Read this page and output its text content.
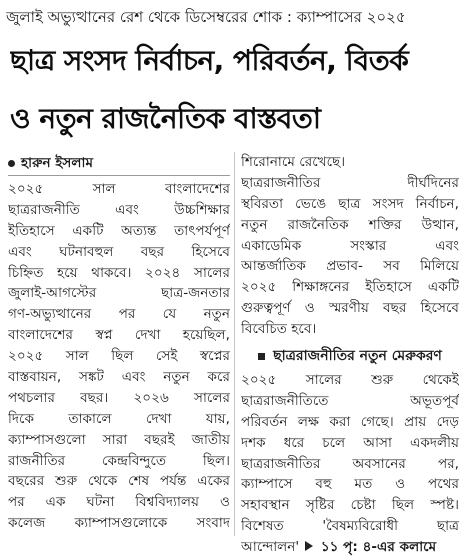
জুলাই অভ্যুত্থানের রেশ থেকে ডিসেম্বরের শোক : ক্যাম্পাসের ২০২৫
ছাত্র সংসদ নির্বাচন, পরিবর্তন, বিতর্ক
ও নতুন রাজনৈতিক বাস্তবতা
হারুন ইসলাম
২০২৫ সাল বাংলাদেশের
ছাত্ররাজনীতি এবং উচ্চশিক্ষার
ইতিহাসে একটি অত্যন্ত তাৎপর্যপূর্ণ
এবং ঘটনাবহুল বছর হিসেবে
চিহ্নিত হয়ে থাকবে। ২০২৪ সালের
জুলাই-আগস্টের ছাত্র-জনতার
গণ-অভ্যুত্থানের পর যে নতুন
বাংলাদেশের স্বপ্ন দেখা হয়েছিল,
২০২৫ সাল ছিল সেই স্বপ্নের
বাস্তবায়ন, সঙ্কট এবং নতুন করে
পথচলার বছর। ২০২৬ সালের
দিকে তাকালে দেখা যায়,
ক্যাম্পাসগুলো সারা বছরই জাতীয়
রাজনীতির কেন্দ্রবিন্দুতে ছিল।
বছরের শুরু থেকে শেষ পর্যন্ত একের
পর এক ঘটনা বিশ্ববিদ্যালয় ও
কলেজ ক্যাম্পাসগুলোকে সংবাদ
শিরোনামে রেখেছে।
ছাত্ররাজনীতির দীর্ঘদিনের
স্থবিরতা ভেঙে ছাত্র সংসদ নির্বাচন,
নতুন রাজনৈতিক শক্তির উত্থান,
একাডেমিক সংস্কার এবং
আন্তর্জাতিক প্রভাব- সব মিলিয়ে
২০২৫ শিক্ষাঙ্গনের ইতিহাসে একটি
গুরুত্বপূর্ণ ও স্মরণীয় বছর হিসেবে
বিবেচিত হবে।
ছাত্ররাজনীতির নতুন মেরুকরণ
২০২৫ সালের শুরু থেকেই
ছাত্ররাজনীতিতে অভূতপূর্ব
পরিবর্তন লক্ষ করা গেছে। প্রায় দেড়
দশক ধরে চলে আসা একদলীয়
ছাত্ররাজনীতির অবসানের পর,
ক্যাম্পাসে বহু মত ও পথের
সহাবস্থান সৃষ্টির চেষ্টা ছিল স্পষ্ট।
বিশেষত 'বৈষম্যবিরোধী ছাত্র
আন্দোলন' ১১ পৃ: ৪-এর কলামে
